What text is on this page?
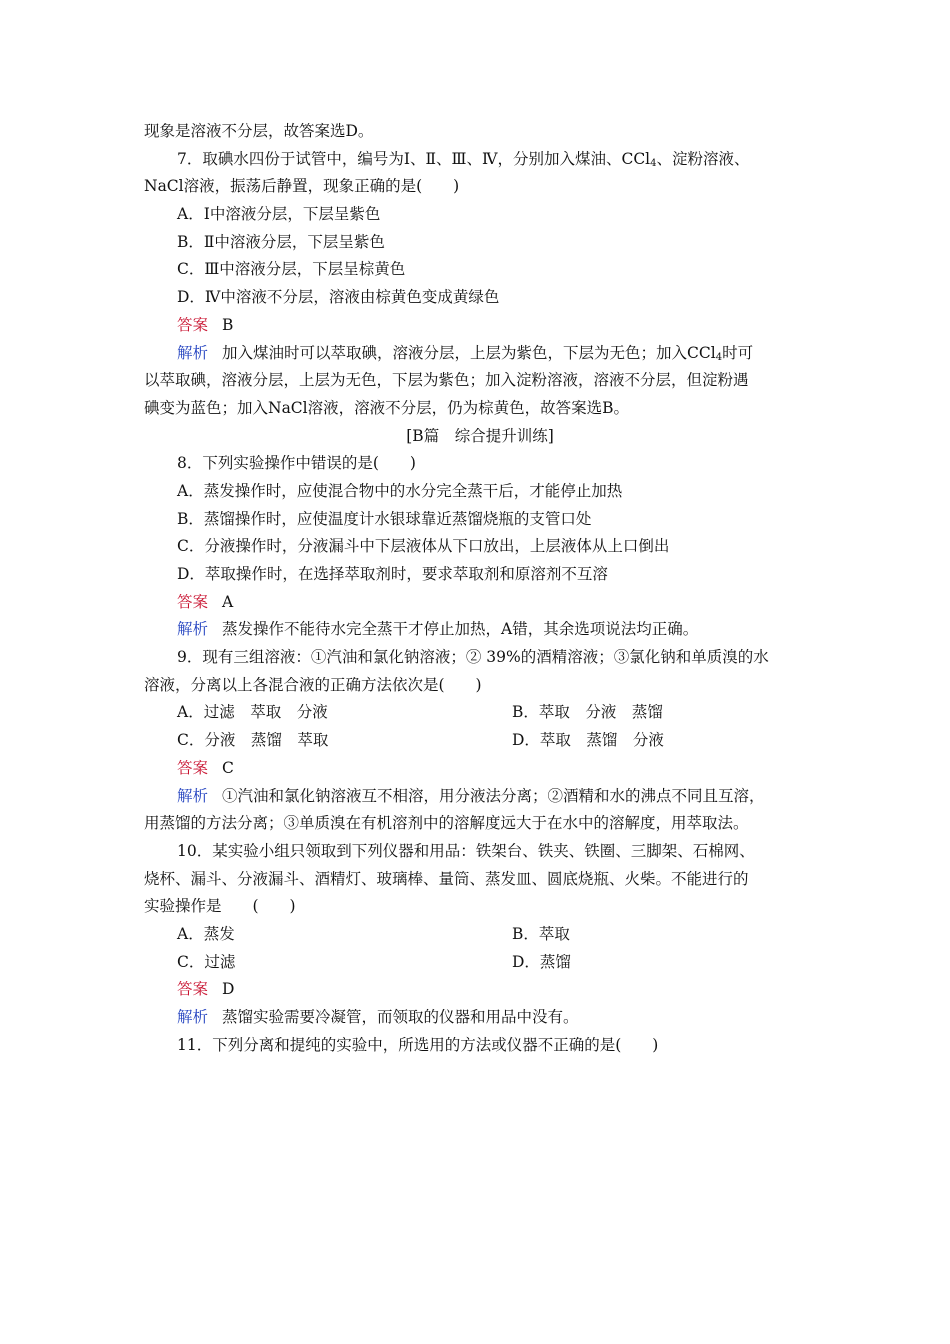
现象是溶液不分层，故答案选D。
7．取碘水四份于试管中，编号为Ⅰ、Ⅱ、Ⅲ、Ⅳ，分别加入煤油、CCl$_4$、淀粉溶液、
NaCl溶液，振荡后静置，现象正确的是(　　)
A．Ⅰ中溶液分层，下层呈紫色
B．Ⅱ中溶液分层，下层呈紫色
C．Ⅲ中溶液分层，下层呈棕黄色
D．Ⅳ中溶液不分层，溶液由棕黄色变成黄绿色
答案 B
解析 加入煤油时可以萃取碘，溶液分层，上层为紫色，下层为无色；加入CCl$_4$时可
以萃取碘，溶液分层，上层为无色，下层为紫色；加入淀粉溶液，溶液不分层，但淀粉遇
碘变为蓝色；加入NaCl溶液，溶液不分层，仍为棕黄色，故答案选B。
[B篇　综合提升训练]
8．下列实验操作中错误的是(　　)
A．蒸发操作时，应使混合物中的水分完全蒸干后，才能停止加热
B．蒸馏操作时，应使温度计水银球靠近蒸馏烧瓶的支管口处
C．分液操作时，分液漏斗中下层液体从下口放出，上层液体从上口倒出
D．萃取操作时，在选择萃取剂时，要求萃取剂和原溶剂不互溶
答案 A
解析 蒸发操作不能待水完全蒸干才停止加热，A错，其余选项说法均正确。
9．现有三组溶液：①汽油和氯化钠溶液；② 39%的酒精溶液；③氯化钠和单质溴的水
溶液，分离以上各混合液的正确方法依次是(　　)
A．过滤　萃取　分液	B．萃取　分液　蒸馏
C．分液　蒸馏　萃取	D．萃取　蒸馏　分液
答案 C
解析 ①汽油和氯化钠溶液互不相溶，用分液法分离；②酒精和水的沸点不同且互溶，
用蒸馏的方法分离；③单质溴在有机溶剂中的溶解度远大于在水中的溶解度，用萃取法。
10．某实验小组只领取到下列仪器和用品：铁架台、铁夹、铁圈、三脚架、石棉网、
烧杯、漏斗、分液漏斗、酒精灯、玻璃棒、量筒、蒸发皿、圆底烧瓶、火柴。不能进行的
实验操作是　　(　　)
A．蒸发	B．萃取
C．过滤	D．蒸馏
答案 D
解析 蒸馏实验需要冷凝管，而领取的仪器和用品中没有。
11．下列分离和提纯的实验中，所选用的方法或仪器不正确的是(　　)
